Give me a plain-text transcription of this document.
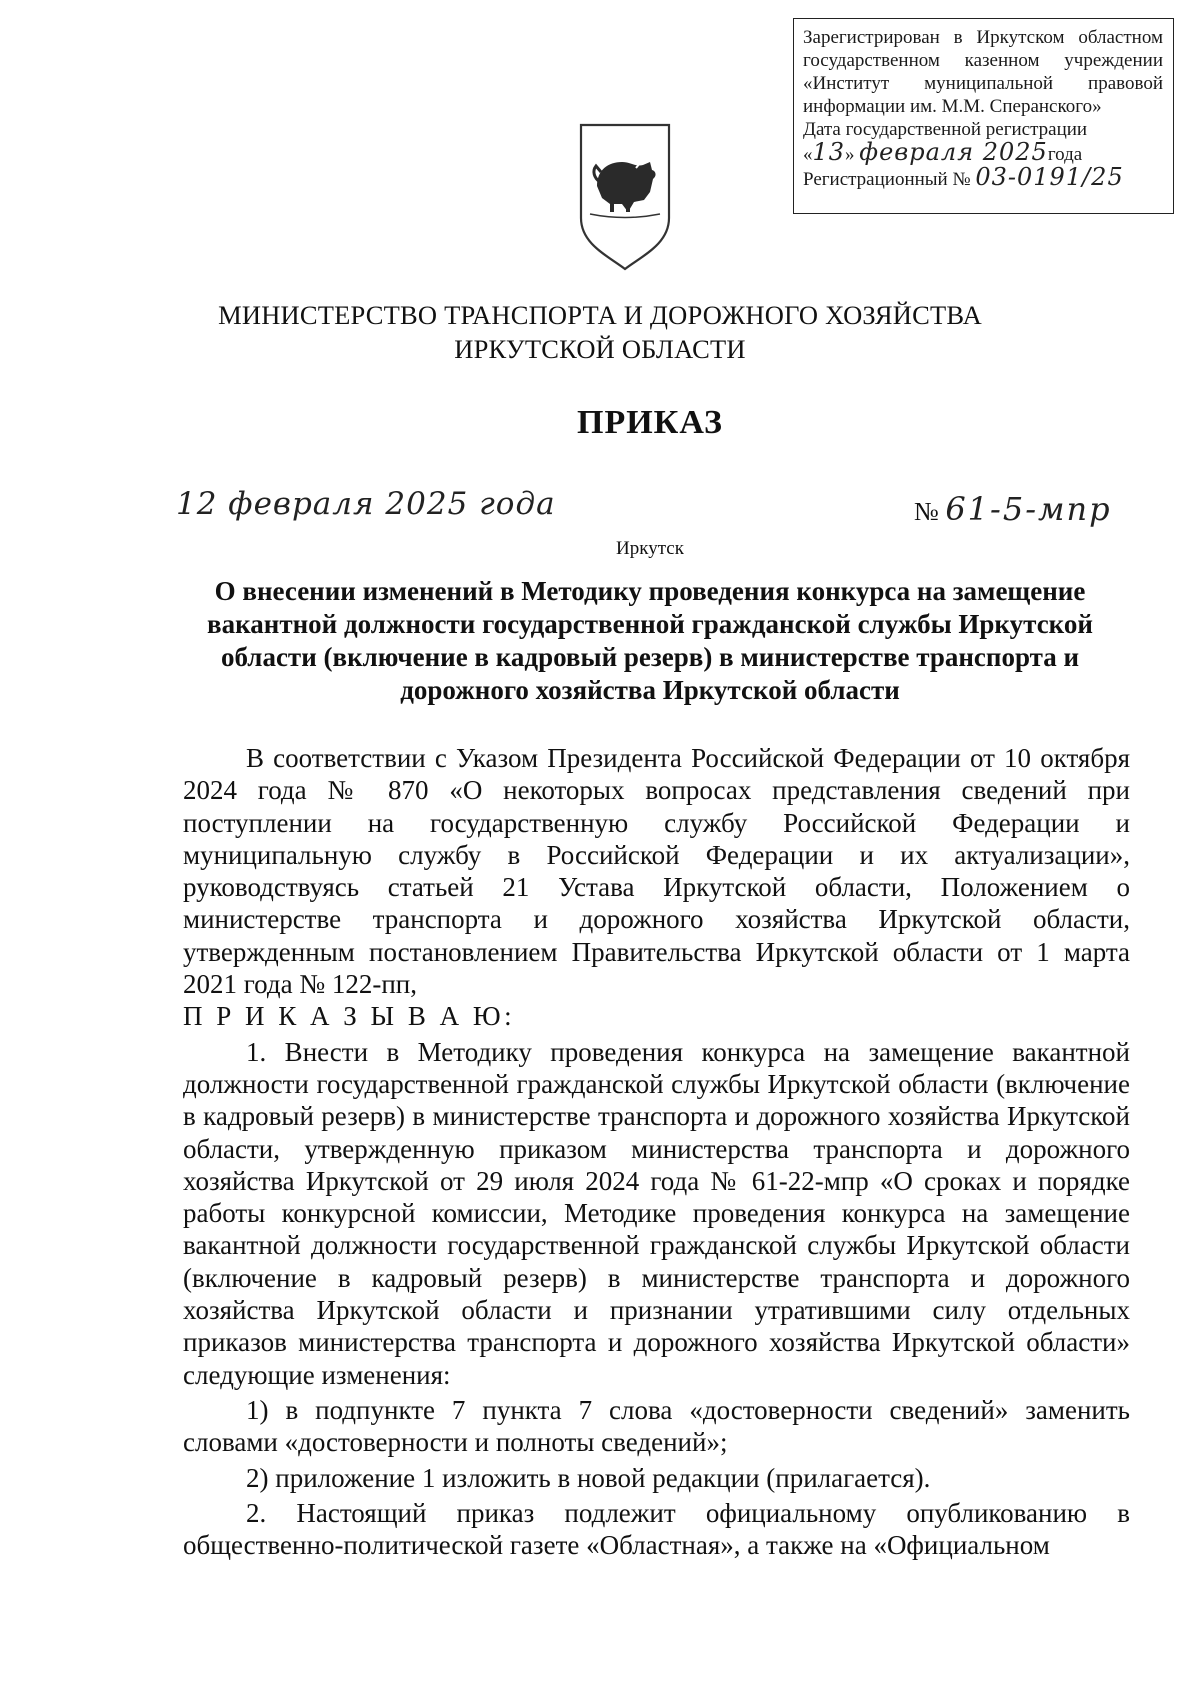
Зарегистрирован в Иркутском областном
государственном казенном учреждении
«Институт муниципальной правовой
информации им. М.М. Сперанского»
Дата государственной регистрации
«13» февраля 2025года
Регистрационный № 03-0191/25
МИНИСТЕРСТВО ТРАНСПОРТА И ДОРОЖНОГО ХОЗЯЙСТВА
ИРКУТСКОЙ ОБЛАСТИ
ПРИКАЗ
12 февраля 2025 года	№ 61-5-мпр
Иркутск
О внесении изменений в Методику проведения конкурса на замещение вакантной должности государственной гражданской службы Иркутской области (включение в кадровый резерв) в министерстве транспорта и дорожного хозяйства Иркутской области

В соответствии с Указом Президента Российской Федерации от 10 октября 2024 года № 870 «О некоторых вопросах представления сведений при поступлении на государственную службу Российской Федерации и муниципальную службу в Российской Федерации и их актуализации», руководствуясь статьей 21 Устава Иркутской области, Положением о министерстве транспорта и дорожного хозяйства Иркутской области, утвержденным постановлением Правительства Иркутской области от 1 марта 2021 года № 122-пп,

П Р И К А З Ы В А Ю:

1. Внести в Методику проведения конкурса на замещение вакантной должности государственной гражданской службы Иркутской области (включение в кадровый резерв) в министерстве транспорта и дорожного хозяйства Иркутской области, утвержденную приказом министерства транспорта и дорожного хозяйства Иркутской от 29 июля 2024 года № 61-22-мпр «О сроках и порядке работы конкурсной комиссии, Методике проведения конкурса на замещение вакантной должности государственной гражданской службы Иркутской области (включение в кадровый резерв) в министерстве транспорта и дорожного хозяйства Иркутской области и признании утратившими силу отдельных приказов министерства транспорта и дорожного хозяйства Иркутской области» следующие изменения:

1) в подпункте 7 пункта 7 слова «достоверности сведений» заменить словами «достоверности и полноты сведений»;

2) приложение 1 изложить в новой редакции (прилагается).

2. Настоящий приказ подлежит официальному опубликованию в общественно-политической газете «Областная», а также на «Официальном
